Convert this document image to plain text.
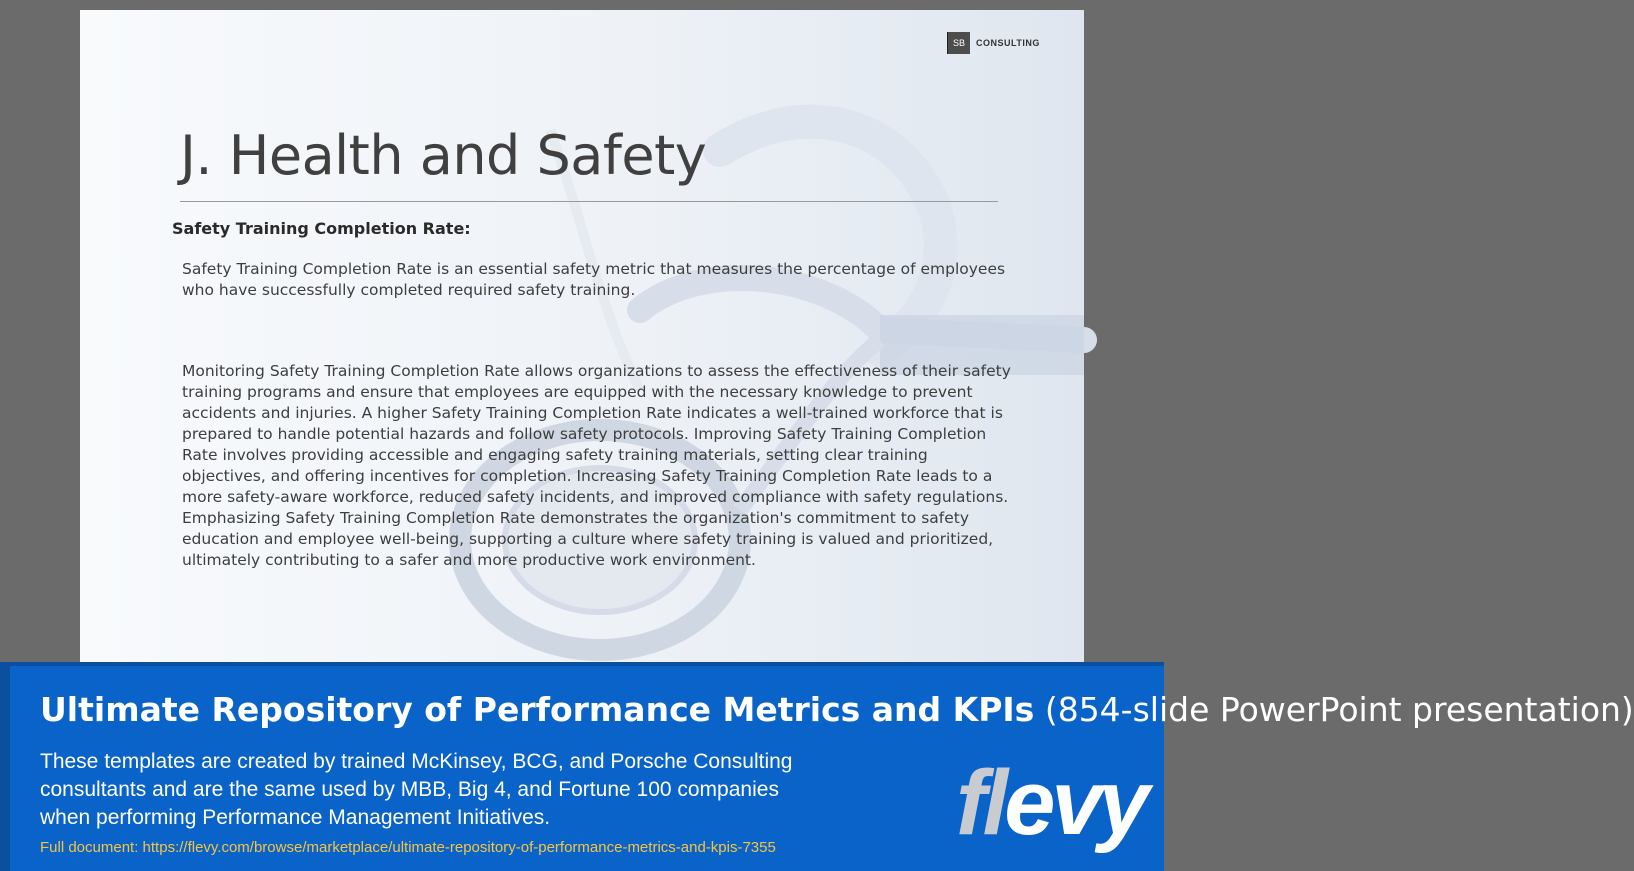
SB	CONSULTING
J. Health and Safety
Safety Training Completion Rate:
Safety Training Completion Rate is an essential safety metric that measures the percentage of employees who have successfully completed required safety training.
Monitoring Safety Training Completion Rate allows organizations to assess the effectiveness of their safety training programs and ensure that employees are equipped with the necessary knowledge to prevent accidents and injuries. A higher Safety Training Completion Rate indicates a well-trained workforce that is prepared to handle potential hazards and follow safety protocols. Improving Safety Training Completion Rate involves providing accessible and engaging safety training materials, setting clear training objectives, and offering incentives for completion. Increasing Safety Training Completion Rate leads to a more safety-aware workforce, reduced safety incidents, and improved compliance with safety regulations. Emphasizing Safety Training Completion Rate demonstrates the organization's commitment to safety education and employee well-being, supporting a culture where safety training is valued and prioritized, ultimately contributing to a safer and more productive work environment.
Ultimate Repository of Performance Metrics and KPIs (854-slide PowerPoint presentation)
These templates are created by trained McKinsey, BCG, and Porsche Consulting consultants and are the same used by MBB, Big 4, and Fortune 100 companies when performing Performance Management Initiatives.
Full document: https://flevy.com/browse/marketplace/ultimate-repository-of-performance-metrics-and-kpis-7355 flevy
